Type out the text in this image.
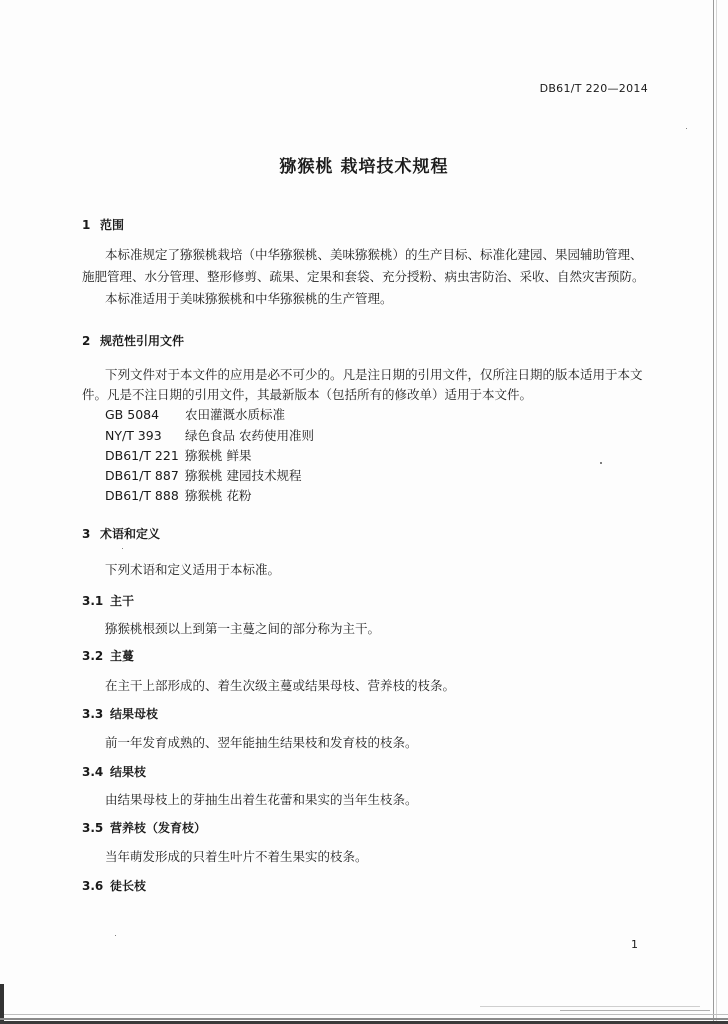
DB61/T 220—2014
猕猴桃 栽培技术规程
1 范围
本标准规定了猕猴桃栽培（中华猕猴桃、美味猕猴桃）的生产目标、标准化建园、果园辅助管理、
施肥管理、水分管理、整形修剪、疏果、定果和套袋、充分授粉、病虫害防治、采收、自然灾害预防。
本标准适用于美味猕猴桃和中华猕猴桃的生产管理。
2 规范性引用文件
下列文件对于本文件的应用是必不可少的。凡是注日期的引用文件，仅所注日期的版本适用于本文
件。凡是不注日期的引用文件，其最新版本（包括所有的修改单）适用于本文件。
GB 5084 农田灌溉水质标准
NY/T 393 绿色食品 农药使用准则
DB61/T 221 猕猴桃 鲜果
DB61/T 887 猕猴桃 建园技术规程
DB61/T 888 猕猴桃 花粉
3 术语和定义
下列术语和定义适用于本标准。
3.1 主干
猕猴桃根颈以上到第一主蔓之间的部分称为主干。
3.2 主蔓
在主干上部形成的、着生次级主蔓或结果母枝、营养枝的枝条。
3.3 结果母枝
前一年发育成熟的、翌年能抽生结果枝和发育枝的枝条。
3.4 结果枝
由结果母枝上的芽抽生出着生花蕾和果实的当年生枝条。
3.5 营养枝（发育枝）
当年萌发形成的只着生叶片不着生果实的枝条。
3.6 徒长枝
1
